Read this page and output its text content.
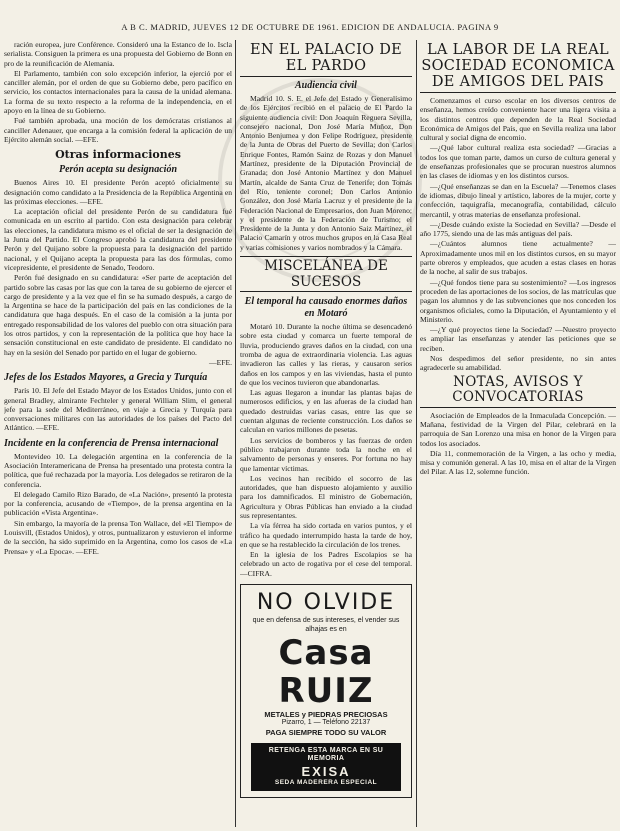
A B C. MADRID, JUEVES 12 DE OCTUBRE DE 1961. EDICION DE ANDALUCIA. PAGINA 9

ración europea, jure Conférence. Consideró una la Estanco de lo. Iscla serialista. Consiguen la primera es una propuesta del Gobierno de Bonn en pro de la reunificación de Alemania.

El Parlamento, también con solo excepción inferior, la ejerció por el canciller alemán, por el orden de que su Gobierno debe, pero pacífico en servicio, los contactos internacionales para la causa de la unidad alemana. La forma de su texto respecto a la reforma de la independencia, en el apoyo en la línea de su Gobierno.

Fué también aprobada, una moción de los demócratas cristianos al canciller Adenauer, que encarga a la comisión federal la aplicación de un Ejército alemán social. —EFE.

Otras informaciones
Perón acepta su designación

Buenos Aires 10. El presidente Perón aceptó oficialmente su designación como candidato a la Presidencia de la República Argentina en las próximas elecciones. —EFE.

La aceptación oficial del presidente Perón de su candidatura fué comunicada en un escrito al partido. Con esta designación para celebrar las elecciones, la candidatura mismo es el oficial de ser la designación de la Junta del Partido. El Congreso aprobó la candidatura del presidente Perón y del Quijano sobre la propuesta para la designación del partido nacional, y el Quijano acepta la propuesta para las dos fórmulas, como vicepresidente, el presidente de Senado, Teodoro.

Perón fué designado en su candidatura: «Ser parte de aceptación del partido sobre las casas por las que con la tarea de su gobierno de ejercer el cargo de presidente y a la vez que el fin se ha sumado después, a cargo de la Argentina se hace de la participación del país en las condiciones de la candidatura que haga después. En el caso de la comisión a la junta por entregado responsabilidad de los valores del pueblo con otra situación para los otros partidos, y con la representación de la política que hoy hace la sensación constitucional en este candidato de presidente. El candidato no hay en la sesión del Senado por partido en el lugar de gobierno.

—EFE.

Jefes de los Estados Mayores, a Grecia y Turquía

París 10. El Jefe del Estado Mayor de los Estados Unidos, junto con el general Bradley, almirante Fechteler y general William Slim, el general jefe para la sede del Mediterráneo, en viaje a Grecia y Turquía para conversaciones militares con las autoridades de los países del Pacto del Atlántico. —EFE.

Incidente en la conferencia de Prensa internacional

Montevideo 10. La delegación argentina en la conferencia de la Asociación Interamericana de Prensa ha presentado una protesta contra la política, que fué rechazada por la mayoría. Los delegados se retiraron de la conferencia.

El delegado Camilo Rizo Barado, de «La Nación», presentó la protesta por la conferencia, acusando de «Tiempo», de la prensa argentina en la publicación «Vista Argentina».

Sin embargo, la mayoría de la prensa Ton Wallace, del «El Tiempo» de Louisvill, (Estados Unidos), y otros, puntualizaron y estuvieron el informe de la sección, ha sido suprimido en la Argentina, como los casos de «La Prensa» y «La Epoca». —EFE.

EN EL PALACIO DE EL PARDO
Audiencia civil

Madrid 10. S. E. el Jefe del Estado y Generalísimo de los Ejércitos recibió en el palacio de El Pardo la siguiente audiencia civil: Don Joaquín Reguera Sevilla, consejero nacional, Don José María Muñoz, Don Antonio Benjumea y don Felipe Rodríguez, presidente de la Junta de Obras del Puerto de Sevilla; don Carlos Enrique Fontes, Ramón Sainz de Rozas y don Manuel Martínez, presidente de la Diputación Provincial de Granada; don José Antonio Martínez y don Manuel Martín, alcalde de Santa Cruz de Tenerife; don Tomás del Río, teniente coronel; Don Carlos Antonio González, don José María Lacruz y el presidente de la Federación Nacional de Empresarios, don Juan Moreno; y el presidente de la Federación de Turismo; el Presidente de la Junta y don Antonio Saiz Martínez, el Palacio Camarín y otros muchos grupos en la Casa Real y varias comisiones y varios nombrados y la Cámara.

MISCELÁNEA DE SUCESOS
El temporal ha causado enormes daños en Motaró

Motaró 10. Durante la noche última se desencadenó sobre esta ciudad y comarca un fuerte temporal de lluvia, produciendo graves daños en la ciudad, con una tromba de agua de extraordinaria violencia. Las aguas invadieron las calles y las rieras, y causaron serios daños en los campos y en las viviendas, hasta el punto de que los vecinos tuvieron que abandonarlas.

Las aguas llegaron a inundar las plantas bajas de numerosos edificios, y en las afueras de la ciudad han quedado destruidas varias casas, entre las que se cuentan algunas de reciente construcción. Los daños se calculan en varios millones de pesetas.

Los servicios de bomberos y las fuerzas de orden público trabajaron durante toda la noche en el salvamento de personas y enseres. Por fortuna no hay que lamentar víctimas.

Los vecinos han recibido el socorro de las autoridades, que han dispuesto alojamiento y auxilio para los damnificados. El ministro de Gobernación, Agricultura y Obras Públicas han enviado a la ciudad sus representantes.

La vía férrea ha sido cortada en varios puntos, y el tráfico ha quedado interrumpido hasta la tarde de hoy, en que se ha restablecido la circulación de los trenes.

En la iglesia de los Padres Escolapios se ha celebrado un acto de rogativa por el cese del temporal. —CIFRA.

NO OLVIDE
que en defensa de sus intereses, el vender sus alhajas es en
Casa RUIZ
METALES y PIEDRAS PRECIOSAS
Pizarro, 1 — Teléfono 22137
PAGA SIEMPRE TODO SU VALOR
RETENGA ESTA MARCA EN SU MEMORIA
EXISA
SEDA MADERERA ESPECIAL
LA LABOR DE LA REAL SOCIEDAD ECONOMICA DE AMIGOS DEL PAIS

Comenzamos el curso escolar en los diversos centros de enseñanza, hemos creído conveniente hacer una ligera visita a los distintos centros que dependen de la Real Sociedad Económica de Amigos del País, que en Sevilla realiza una labor cultural y social digna de encomio.

—¿Qué labor cultural realiza esta sociedad? —Gracias a todos los que toman parte, damos un curso de cultura general y de enseñanzas profesionales que se procuran nuestros alumnos en las clases de idiomas y en los distintos cursos.

—¿Qué enseñanzas se dan en la Escuela? —Tenemos clases de idiomas, dibujo lineal y artístico, labores de la mujer, corte y confección, taquigrafía, mecanografía, contabilidad, cálculo mercantil, y otras materias de enseñanza profesional.

—¿Desde cuándo existe la Sociedad en Sevilla? —Desde el año 1775, siendo una de las más antiguas del país.

—¿Cuántos alumnos tiene actualmente? —Aproximadamente unos mil en los distintos cursos, en su mayor parte obreros y empleados, que acuden a estas clases en horas de la noche, al salir de sus trabajos.

—¿Qué fondos tiene para su sostenimiento? —Los ingresos proceden de las aportaciones de los socios, de las matrículas que pagan los alumnos y de las subvenciones que nos conceden los organismos oficiales, como la Diputación, el Ayuntamiento y el Ministerio.

—¿Y qué proyectos tiene la Sociedad? —Nuestro proyecto es ampliar las enseñanzas y atender las peticiones que se reciben.

Nos despedimos del señor presidente, no sin antes agradecerle su amabilidad.

NOTAS, AVISOS Y CONVOCATORIAS

Asociación de Empleados de la Inmaculada Concepción. —Mañana, festividad de la Virgen del Pilar, celebrará en la parroquia de San Lorenzo una misa en honor de la Virgen para todos los asociados.

Día 11, conmemoración de la Virgen, a las ocho y media, misa y comunión general. A las 10, misa en el altar de la Virgen del Pilar. A las 12, solemne función.
